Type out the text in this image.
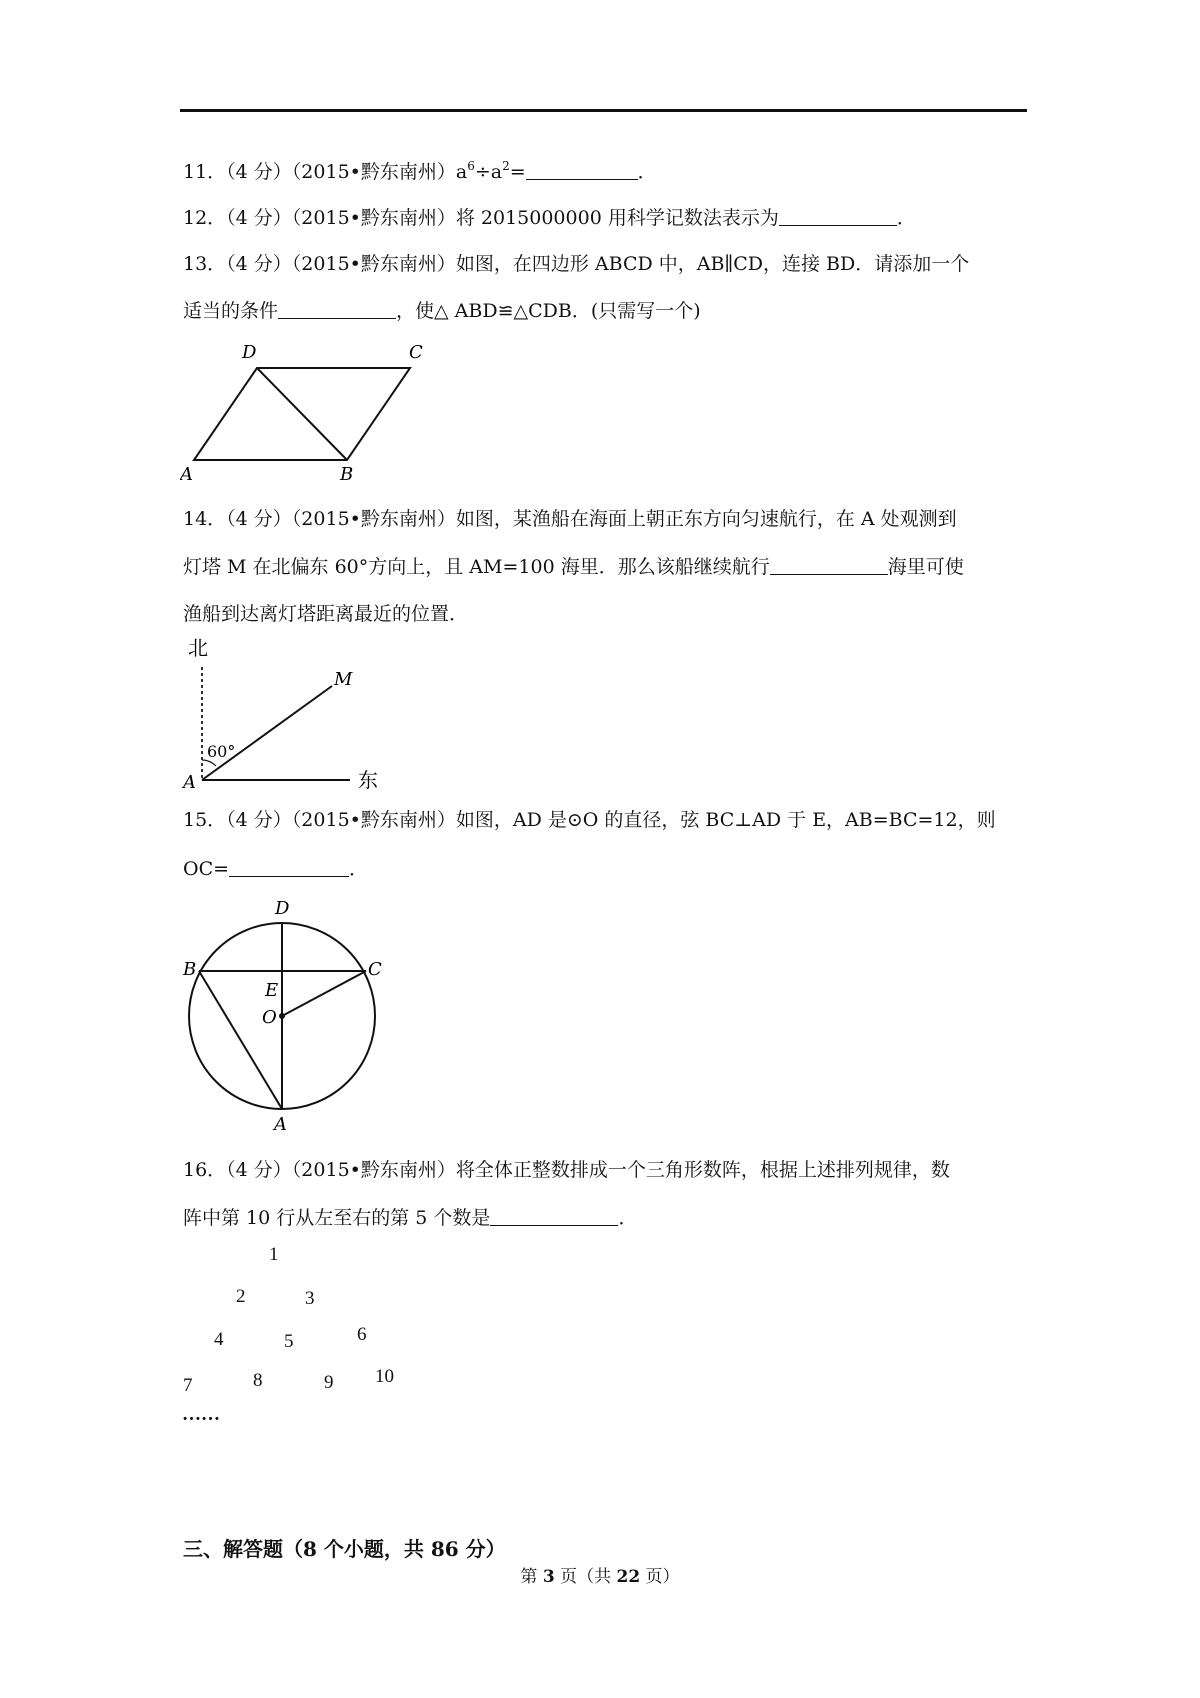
11．（4 分）（2015•黔东南州）$a^6\div a^2=$	．
12．（4 分）（2015•黔东南州）将 2015000000 用科学记数法表示为	．
13．（4 分）（2015•黔东南州）如图，在四边形 ABCD 中，AB∥CD，连接 BD．请添加一个
适当的条件	，使△ ABD≌△CDB．(只需写一个)
A	B
C
D
14．（4 分）（2015•黔东南州）如图，某渔船在海面上朝正东方向匀速航行，在 A 处观测到
灯塔 M 在北偏东 60°方向上，且 AM=100 海里．那么该船继续航行	海里可使
渔船到达离灯塔距离最近的位置．
北
东
M
A
60°
15．（4 分）（2015•黔东南州）如图，AD 是⊙O 的直径，弦 BC⊥AD 于 E，AB=BC=12，则
OC=	．
D
B	C
E
O
A
16．（4 分）（2015•黔东南州）将全体正整数排成一个三角形数阵，根据上述排列规律，数
阵中第 10 行从左至右的第 5 个数是	．
1
2	3
4	5	6
7	8	9 10
……
三、解答题（8 个小题，共 86 分）
第 3 页（共 22 页）
